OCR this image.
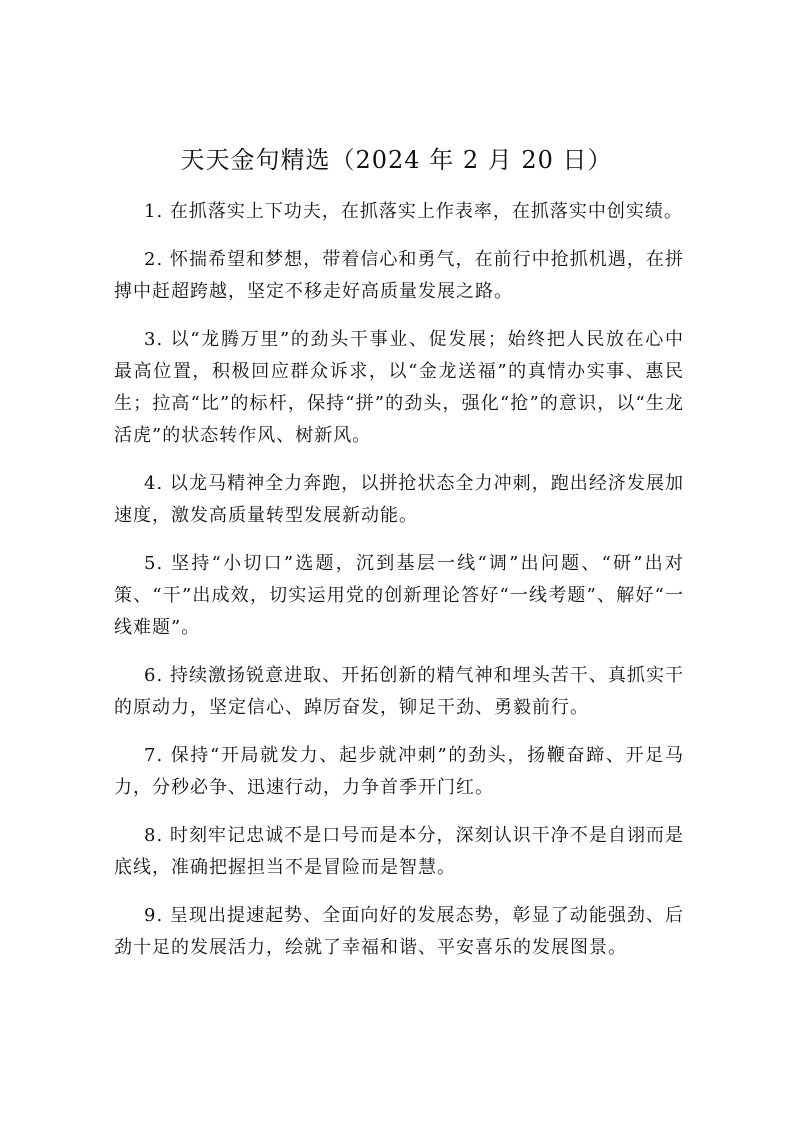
天天金句精选（2024 年 2 月 20 日）

1. 在抓落实上下功夫，在抓落实上作表率，在抓落实中创实绩。

2. 怀揣希望和梦想，带着信心和勇气，在前行中抢抓机遇，在拼搏中赶超跨越，坚定不移走好高质量发展之路。

3. 以“龙腾万里”的劲头干事业、促发展；始终把人民放在心中最高位置，积极回应群众诉求，以“金龙送福”的真情办实事、惠民生；拉高“比”的标杆，保持“拼”的劲头，强化“抢”的意识，以“生龙活虎”的状态转作风、树新风。

4. 以龙马精神全力奔跑，以拼抢状态全力冲刺，跑出经济发展加速度，激发高质量转型发展新动能。

5. 坚持“小切口”选题，沉到基层一线“调”出问题、“研”出对策、“干”出成效，切实运用党的创新理论答好“一线考题”、解好“一线难题”。

6. 持续激扬锐意进取、开拓创新的精气神和埋头苦干、真抓实干的原动力，坚定信心、踔厉奋发，铆足干劲、勇毅前行。

7. 保持“开局就发力、起步就冲刺”的劲头，扬鞭奋蹄、开足马力，分秒必争、迅速行动，力争首季开门红。

8. 时刻牢记忠诚不是口号而是本分，深刻认识干净不是自诩而是底线，准确把握担当不是冒险而是智慧。

9. 呈现出提速起势、全面向好的发展态势，彰显了动能强劲、后劲十足的发展活力，绘就了幸福和谐、平安喜乐的发展图景。
